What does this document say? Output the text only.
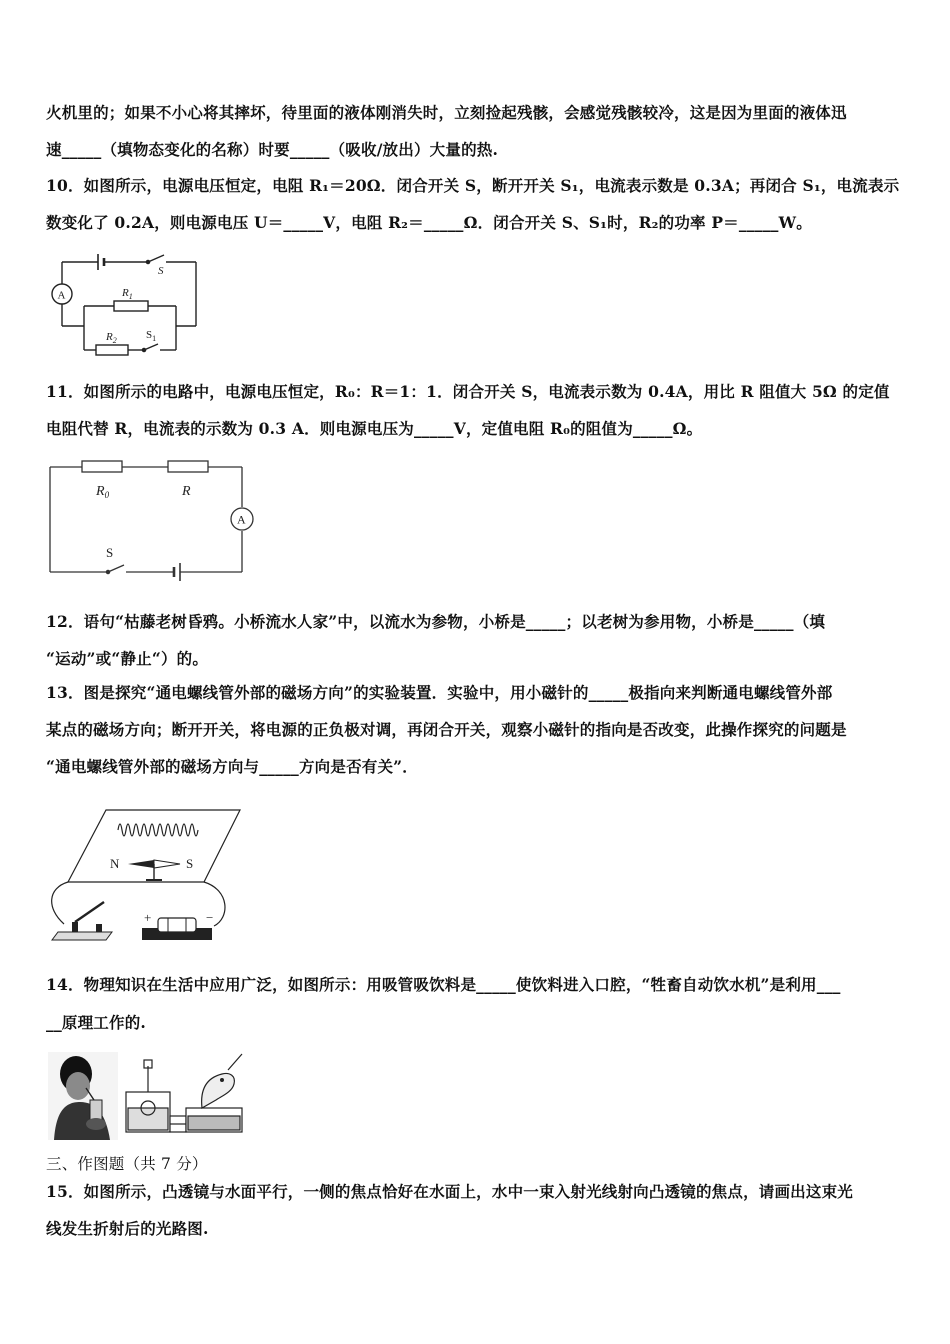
火机里的；如果不小心将其摔坏，待里面的液体刚消失时，立刻捡起残骸，会感觉残骸较冷，这是因为里面的液体迅
速_____（填物态变化的名称）时要_____（吸收/放出）大量的热.
10．如图所示，电源电压恒定，电阻 R₁＝20Ω．闭合开关 S，断开开关 S₁，电流表示数是 0.3A；再闭合 S₁，电流表示
数变化了 0.2A，则电源电压 U＝_____V，电阻 R₂＝_____Ω．闭合开关 S、S₁时，R₂的功率 P＝_____W。
A
S
$R_1$
$R_2$	$S_1$
11．如图所示的电路中，电源电压恒定，R₀：R＝1：1．闭合开关 S，电流表示数为 0.4A，用比 R 阻值大 5Ω 的定值
电阻代替 R，电流表的示数为 0.3 A．则电源电压为_____V，定值电阻 R₀的阻值为_____Ω。
A
$R_0$	R
S
12．语句“枯藤老树昏鸦。小桥流水人家”中，以流水为参物，小桥是_____；以老树为参用物，小桥是_____（填
“运动”或“静止“）的。
13．图是探究“通电螺线管外部的磁场方向”的实验装置．实验中，用小磁针的_____极指向来判断通电螺线管外部
某点的磁场方向；断开开关，将电源的正负极对调，再闭合开关，观察小磁针的指向是否改变，此操作探究的问题是
“通电螺线管外部的磁场方向与_____方向是否有关”．
N	S
+	−
14．物理知识在生活中应用广泛，如图所示：用吸管吸饮料是_____使饮料进入口腔，“牲畜自动饮水机”是利用___
__原理工作的.
三、作图题（共 7 分）
15．如图所示，凸透镜与水面平行，一侧的焦点恰好在水面上，水中一束入射光线射向凸透镜的焦点，请画出这束光
线发生折射后的光路图.
